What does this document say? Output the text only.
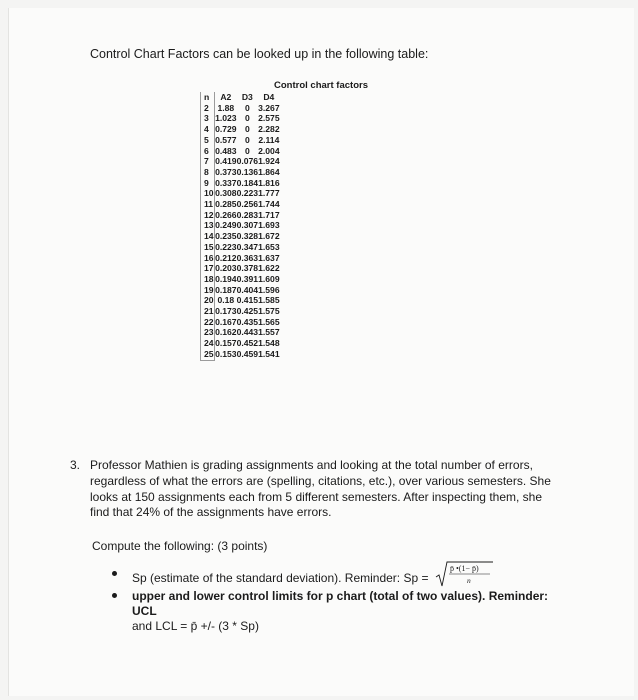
Control Chart Factors can be looked up in the following table:
Control chart factors
n		A2	D3	D4
2		1.88	0	3.267
3		1.023	0	2.575
4		0.729	0	2.282
5		0.577	0	2.114
6		0.483	0	2.004
7		0.419	0.076	1.924
8		0.373	0.136	1.864
9		0.337	0.184	1.816
10		0.308	0.223	1.777
11		0.285	0.256	1.744
12		0.266	0.283	1.717
13		0.249	0.307	1.693
14		0.235	0.328	1.672
15		0.223	0.347	1.653
16		0.212	0.363	1.637
17		0.203	0.378	1.622
18		0.194	0.391	1.609
19		0.187	0.404	1.596
20		0.18	0.415	1.585
21		0.173	0.425	1.575
22		0.167	0.435	1.565
23		0.162	0.443	1.557
24		0.157	0.452	1.548
25		0.153	0.459	1.541
3. Professor Mathien is grading assignments and looking at the total number of errors, regardless of what the errors are (spelling, citations, etc.), over various semesters. She looks at 150 assignments each from 5 different semesters. After inspecting them, she find that 24% of the assignments have errors.
Compute the following: (3 points)
Sp (estimate of the standard deviation). Reminder: Sp =
p̄ •(1− p̄)
n
upper and lower control limits for p chart (total of two values). Reminder: UCL
and LCL = p̄ +/- (3 * Sp)
